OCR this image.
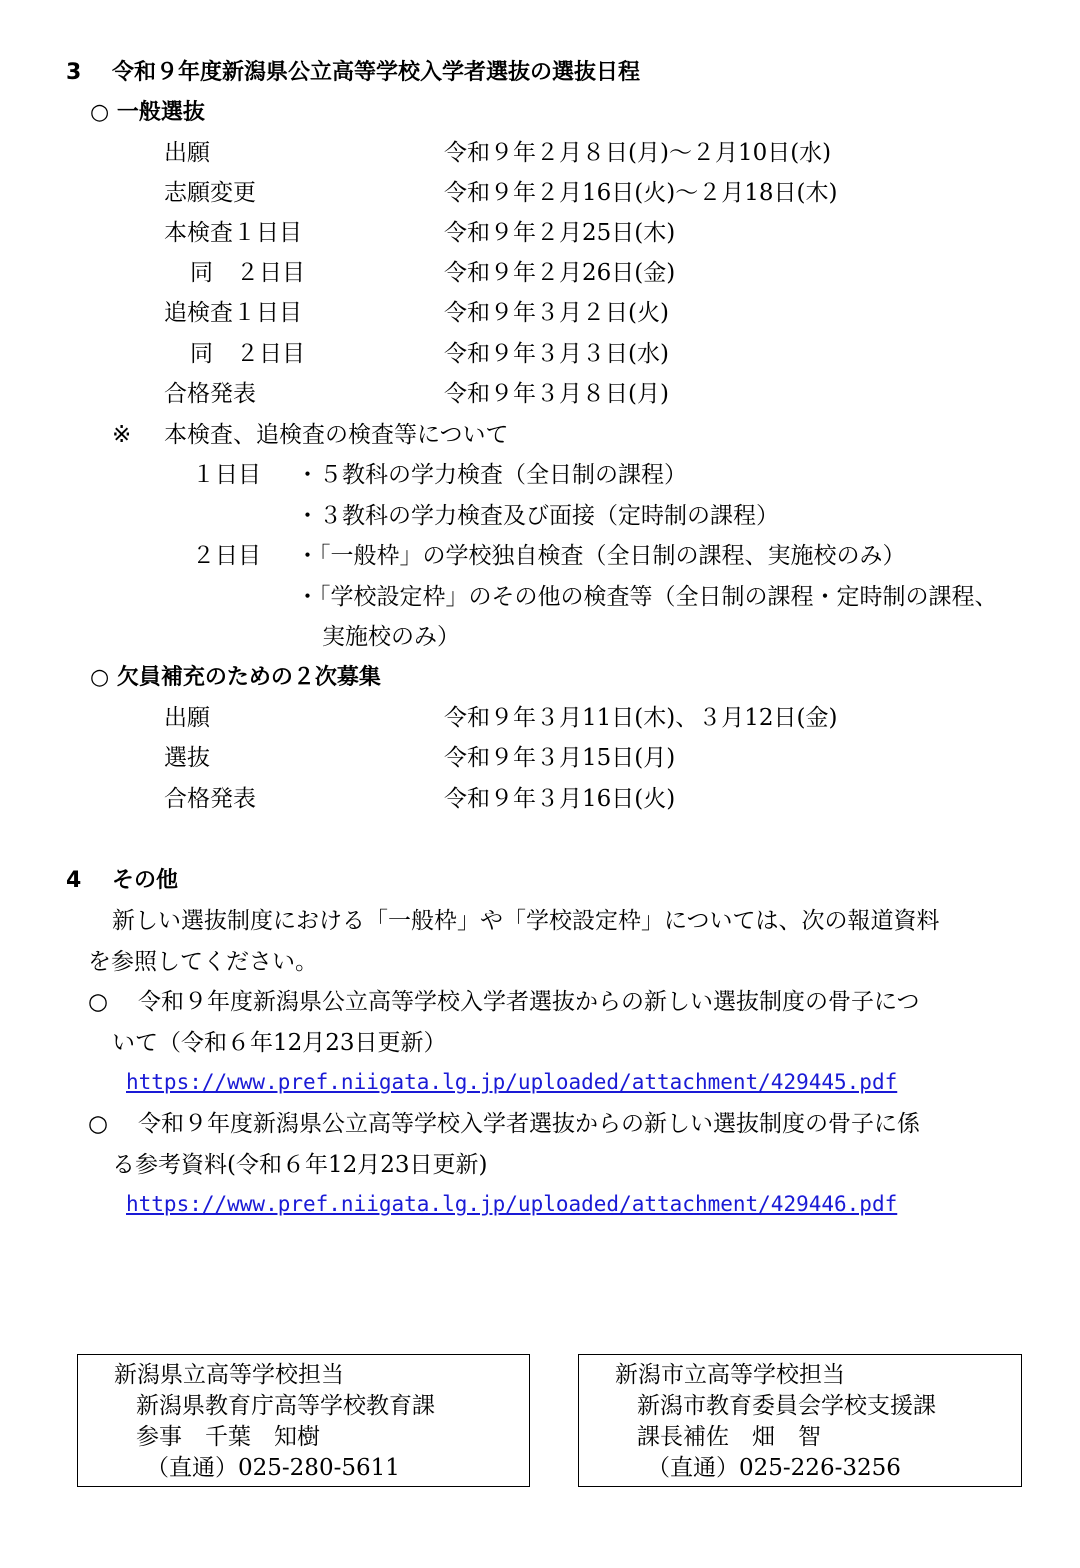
3 令和９年度新潟県公立高等学校入学者選抜の選抜日程
○ 一般選抜
出願	令和９年２月８日(月)～２月10日(水)
志願変更	令和９年２月16日(火)～２月18日(木)
本検査１日目	令和９年２月25日(木)
同　２日目	令和９年２月26日(金)
追検査１日目	令和９年３月２日(火)
同　２日目	令和９年３月３日(水)
合格発表	令和９年３月８日(月)
※ 本検査、追検査の検査等について
１日目 ・５教科の学力検査（全日制の課程）
・３教科の学力検査及び面接（定時制の課程）
２日目 ・「一般枠」の学校独自検査（全日制の課程、実施校のみ）
・「学校設定枠」のその他の検査等（全日制の課程・定時制の課程、
実施校のみ）
○ 欠員補充のための２次募集
出願	令和９年３月11日(木)、３月12日(金)
選抜	令和９年３月15日(月)
合格発表	令和９年３月16日(火)
4 その他
新しい選抜制度における「一般枠」や「学校設定枠」については、次の報道資料
を参照してください。
○ 令和９年度新潟県公立高等学校入学者選抜からの新しい選抜制度の骨子につ
いて（令和６年12月23日更新）
https://www.pref.niigata.lg.jp/uploaded/attachment/429445.pdf
○ 令和９年度新潟県公立高等学校入学者選抜からの新しい選抜制度の骨子に係
る参考資料(令和６年12月23日更新)
https://www.pref.niigata.lg.jp/uploaded/attachment/429446.pdf
新潟県立高等学校担当
新潟県教育庁高等学校教育課
参事　千葉　知樹
（直通）025-280-5611
新潟市立高等学校担当
新潟市教育委員会学校支援課
課長補佐　畑　智
（直通）025-226-3256
